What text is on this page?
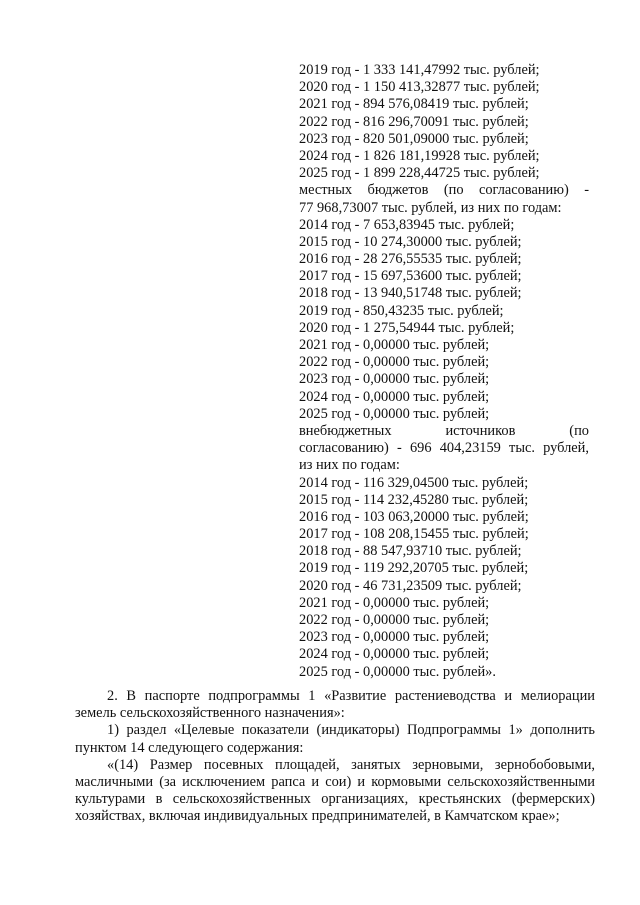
2019 год - 1 333 141,47992 тыс. рублей;
2020 год - 1 150 413,32877 тыс. рублей;
2021 год - 894 576,08419 тыс. рублей;
2022 год - 816 296,70091 тыс. рублей;
2023 год - 820 501,09000 тыс. рублей;
2024 год - 1 826 181,19928 тыс. рублей;
2025 год - 1 899 228,44725 тыс. рублей;
местных бюджетов (по согласованию) -
77 968,73007 тыс. рублей, из них по годам:
2014 год - 7 653,83945 тыс. рублей;
2015 год - 10 274,30000 тыс. рублей;
2016 год - 28 276,55535 тыс. рублей;
2017 год - 15 697,53600 тыс. рублей;
2018 год - 13 940,51748 тыс. рублей;
2019 год - 850,43235 тыс. рублей;
2020 год - 1 275,54944 тыс. рублей;
2021 год - 0,00000 тыс. рублей;
2022 год - 0,00000 тыс. рублей;
2023 год - 0,00000 тыс. рублей;
2024 год - 0,00000 тыс. рублей;
2025 год - 0,00000 тыс. рублей;
внебюджетных	источников	(по
согласованию) - 696 404,23159 тыс. рублей,
из них по годам:
2014 год - 116 329,04500 тыс. рублей;
2015 год - 114 232,45280 тыс. рублей;
2016 год - 103 063,20000 тыс. рублей;
2017 год - 108 208,15455 тыс. рублей;
2018 год - 88 547,93710 тыс. рублей;
2019 год - 119 292,20705 тыс. рублей;
2020 год - 46 731,23509 тыс. рублей;
2021 год - 0,00000 тыс. рублей;
2022 год - 0,00000 тыс. рублей;
2023 год - 0,00000 тыс. рублей;
2024 год - 0,00000 тыс. рублей;
2025 год - 0,00000 тыс. рублей».

2. В паспорте подпрограммы 1 «Развитие растениеводства и мелиорации земель сельскохозяйственного назначения»:

1) раздел «Целевые показатели (индикаторы) Подпрограммы 1» дополнить пунктом 14 следующего содержания:

«(14) Размер посевных площадей, занятых зерновыми, зернобобовыми, масличными (за исключением рапса и сои) и кормовыми сельскохозяйственными культурами в сельскохозяйственных организациях, крестьянских (фермерских) хозяйствах, включая индивидуальных предпринимателей, в Камчатском крае»;
